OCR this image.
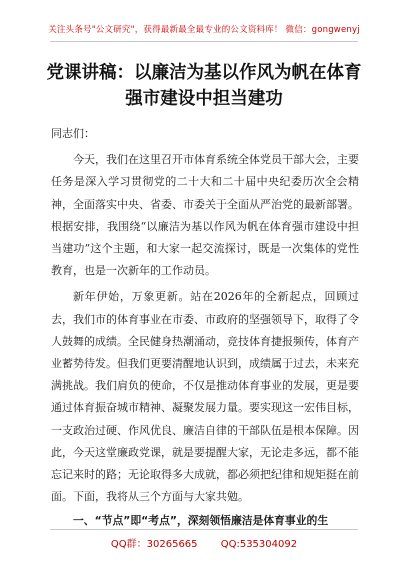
关注头条号"公文研究"，获得最新最全最专业的公文资料库！ 微信：gongwenyj
党课讲稿：以廉洁为基以作风为帆在体育强市建设中担当建功

同志们：

今天，我们在这里召开市体育系统全体党员干部大会，主要任务是深入学习贯彻党的二十大和二十届中央纪委历次全会精神，全面落实中央、省委、市委关于全面从严治党的最新部署。根据安排，我围绕“以廉洁为基以作风为帆在体育强市建设中担当建功”这个主题，和大家一起交流探讨，既是一次集体的党性教育，也是一次新年的工作动员。

新年伊始，万象更新。站在2026年的全新起点，回顾过去，我们市的体育事业在市委、市政府的坚强领导下，取得了令人鼓舞的成绩。全民健身热潮涌动，竞技体育捷报频传，体育产业蓄势待发。但我们更要清醒地认识到，成绩属于过去，未来充满挑战。我们肩负的使命，不仅是推动体育事业的发展，更是要通过体育振奋城市精神、凝聚发展力量。要实现这一宏伟目标，一支政治过硬、作风优良、廉洁自律的干部队伍是根本保障。因此，今天这堂廉政党课，就是要提醒大家，无论走多远，都不能忘记来时的路；无论取得多大成就，都必须把纪律和规矩挺在前面。下面，我将从三个方面与大家共勉。

一、“节点”即“考点”，深刻领悟廉洁是体育事业的生

QQ群：30265665 QQ:535304092
